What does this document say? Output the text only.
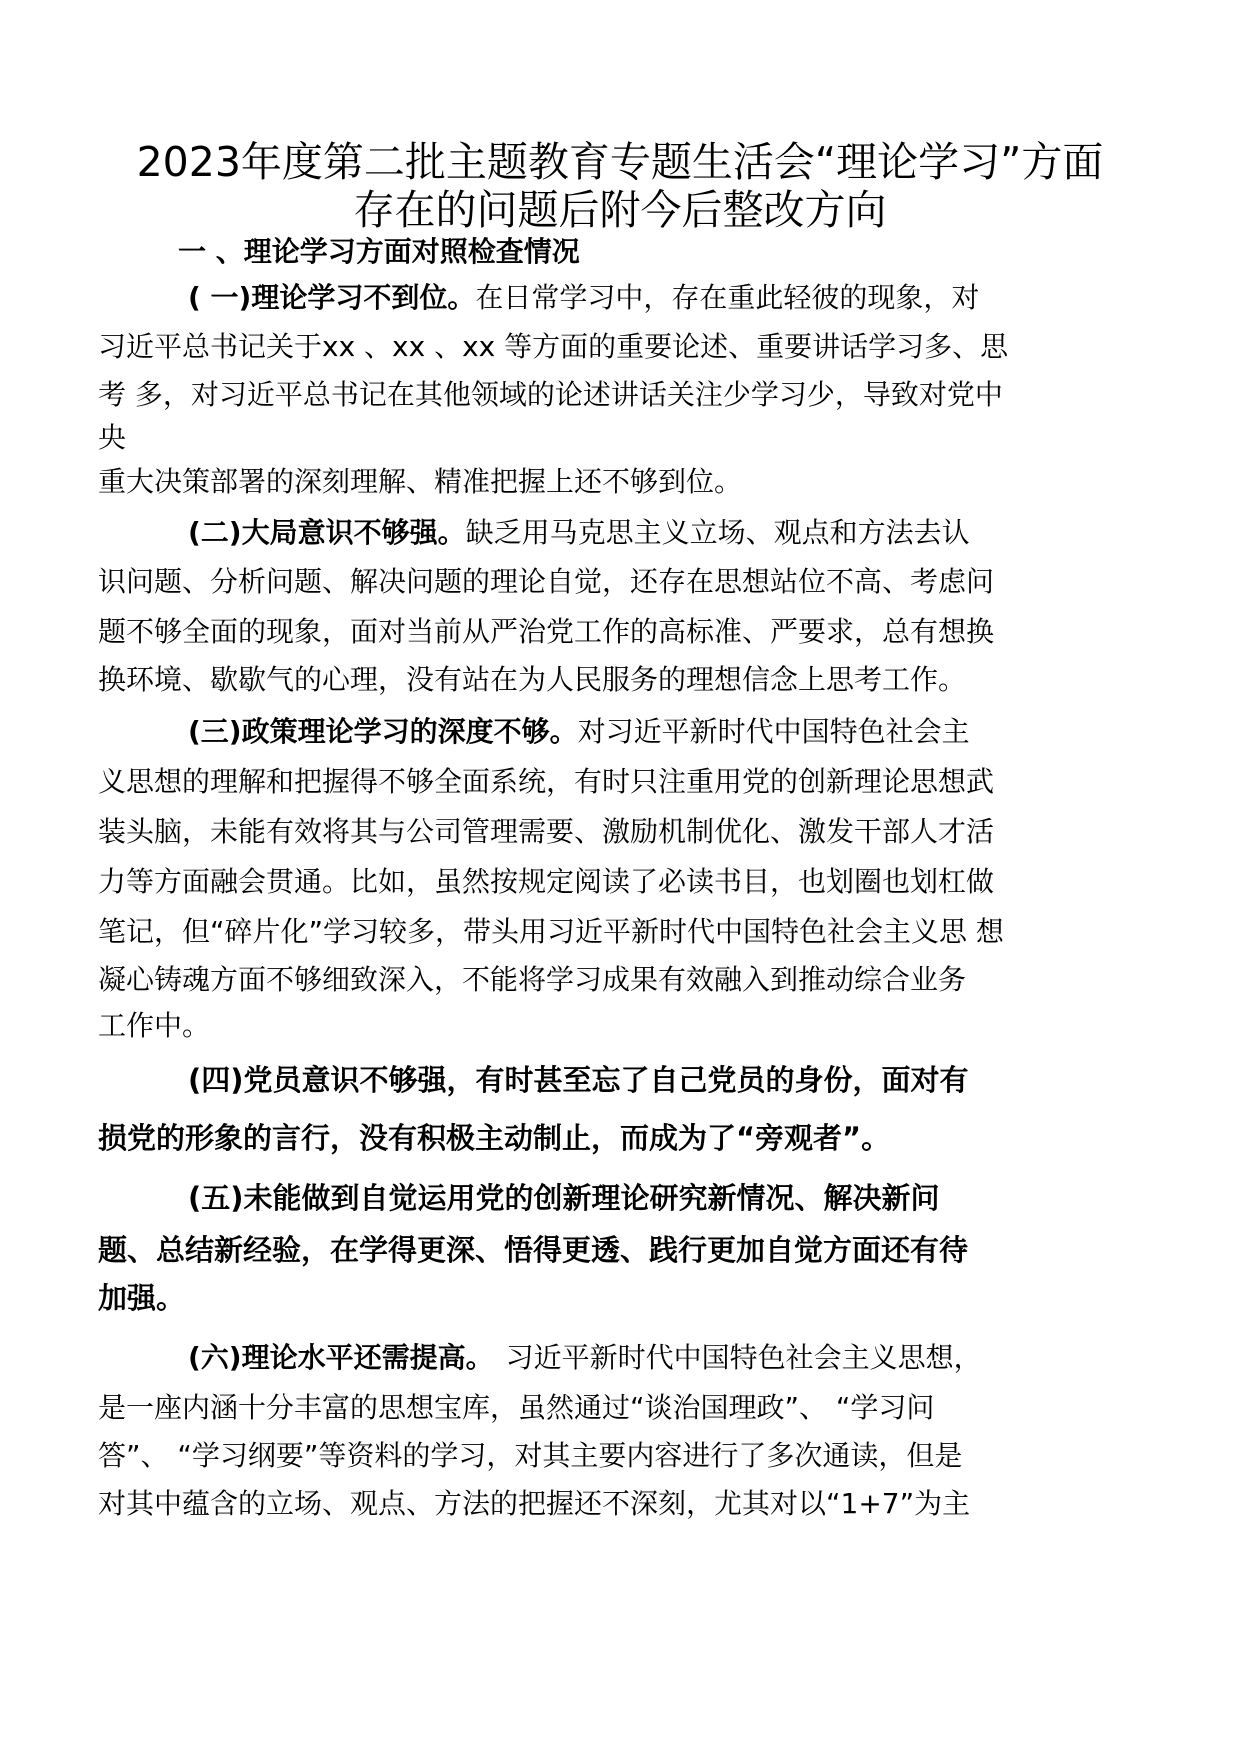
2023年度第二批主题教育专题生活会“理论学习”方面
存在的问题后附今后整改方向
一 、理论学习方面对照检查情况
( 一)理论学习不到位。在日常学习中，存在重此轻彼的现象，对
习近平总书记关于xx 、xx 、xx 等方面的重要论述、重要讲话学习多、思
考 多，对习近平总书记在其他领域的论述讲话关注少学习少，导致对党中
央
重大决策部署的深刻理解、精准把握上还不够到位。
(二)大局意识不够强。缺乏用马克思主义立场、观点和方法去认
识问题、分析问题、解决问题的理论自觉，还存在思想站位不高、考虑问
题不够全面的现象，面对当前从严治党工作的高标准、严要求，总有想换
换环境、歇歇气的心理，没有站在为人民服务的理想信念上思考工作。
(三)政策理论学习的深度不够。对习近平新时代中国特色社会主
义思想的理解和把握得不够全面系统，有时只注重用党的创新理论思想武
装头脑，未能有效将其与公司管理需要、激励机制优化、激发干部人才活
力等方面融会贯通。比如，虽然按规定阅读了必读书目，也划圈也划杠做
笔记，但“碎片化”学习较多，带头用习近平新时代中国特色社会主义思 想
凝心铸魂方面不够细致深入，不能将学习成果有效融入到推动综合业务
工作中。
(四)党员意识不够强，有时甚至忘了自己党员的身份，面对有
损党的形象的言行，没有积极主动制止，而成为了“旁观者”。
(五)未能做到自觉运用党的创新理论研究新情况、解决新问
题、总结新经验，在学得更深、悟得更透、践行更加自觉方面还有待
加强。
(六)理论水平还需提高。 习近平新时代中国特色社会主义思想，
是一座内涵十分丰富的思想宝库，虽然通过“谈治国理政”、 “学习问
答”、 “学习纲要”等资料的学习，对其主要内容进行了多次通读，但是
对其中蕴含的立场、观点、方法的把握还不深刻，尤其对以“1+7”为主
